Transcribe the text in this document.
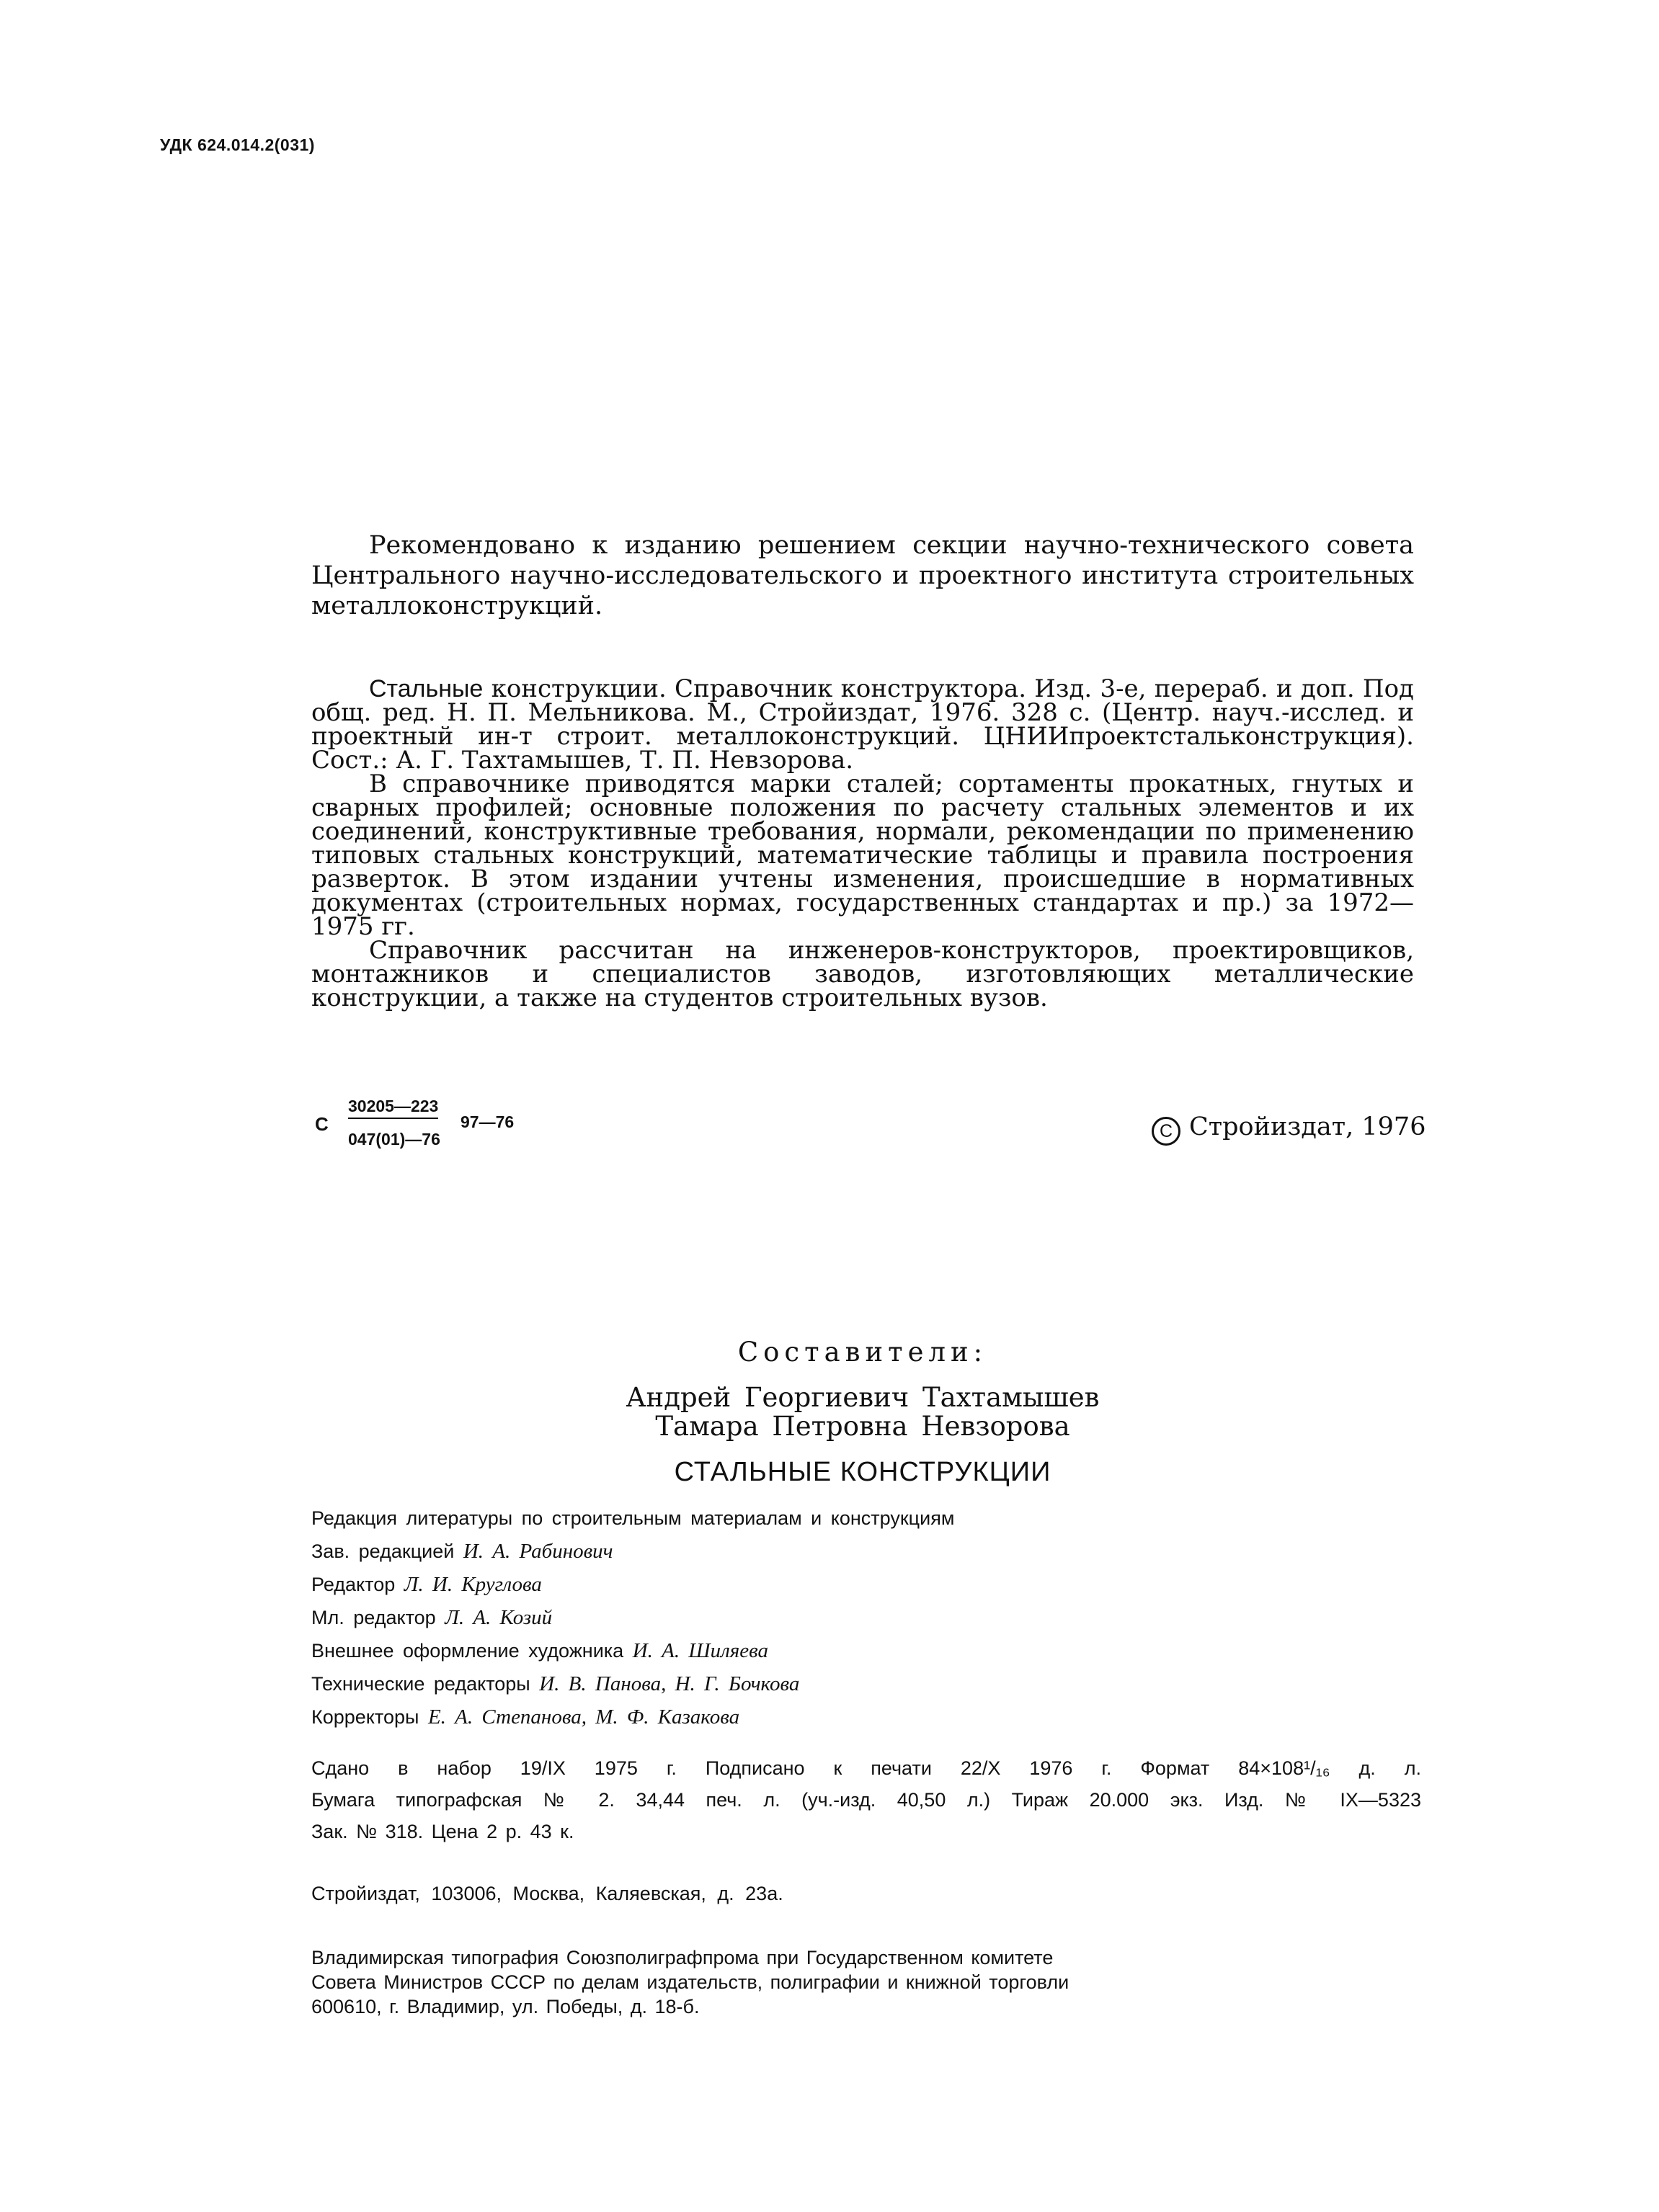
УДК 624.014.2(031)

Рекомендовано к изданию решением секции научно-технического совета Центрального научно-исследовательского и проектного института строительных металлоконструкций.

Стальные конструкции. Справочник конструктора. Изд. 3-е, перераб. и доп. Под общ. ред. Н. П. Мельникова. М., Стройиздат, 1976. 328 с. (Центр. науч.-исслед. и проектный ин-т строит. металлоконструкций. ЦНИИпроектстальконструкция). Сост.: А. Г. Тахтамышев, Т. П. Невзорова.

В справочнике приводятся марки сталей; сортаменты прокатных, гнутых и сварных профилей; основные положения по расчету стальных элементов и их соединений, конструктивные требования, нормали, рекомендации по применению типовых стальных конструкций, математические таблицы и правила построения разверток. В этом издании учтены изменения, происшедшие в нормативных документах (строительных нормах, государственных стандартах и пр.) за 1972—1975 гг.

Справочник рассчитан на инженеров-конструкторов, проектировщиков, монтажников и специалистов заводов, изготовляющих металлические конструкции, а также на студентов строительных вузов.

С
30205—223
047(01)—76
97—76	C Стройиздат, 1976
Составители:
Андрей Георгиевич Тахтамышев
Тамара Петровна Невзорова
СТАЛЬНЫЕ КОНСТРУКЦИИ
Редакция литературы по строительным материалам и конструкциям
Зав. редакцией И. А. Рабинович
Редактор Л. И. Круглова
Мл. редактор Л. А. Козий
Внешнее оформление художника И. А. Шиляева
Технические редакторы И. В. Панова, Н. Г. Бочкова
Корректоры Е. А. Степанова, М. Ф. Казакова
Сдано в набор 19/IX 1975 г. Подписано к печати 22/X 1976 г. Формат 84×108¹/₁₆ д. л.
Бумага типографская № 2. 34,44 печ. л. (уч.-изд. 40,50 л.) Тираж 20.000 экз. Изд. № IX—5323
Зак. № 318. Цена 2 р. 43 к.
Стройиздат, 103006, Москва, Каляевская, д. 23а.
Владимирская типография Союзполиграфпрома при Государственном комитете
Совета Министров СССР по делам издательств, полиграфии и книжной торговли
600610, г. Владимир, ул. Победы, д. 18-б.
